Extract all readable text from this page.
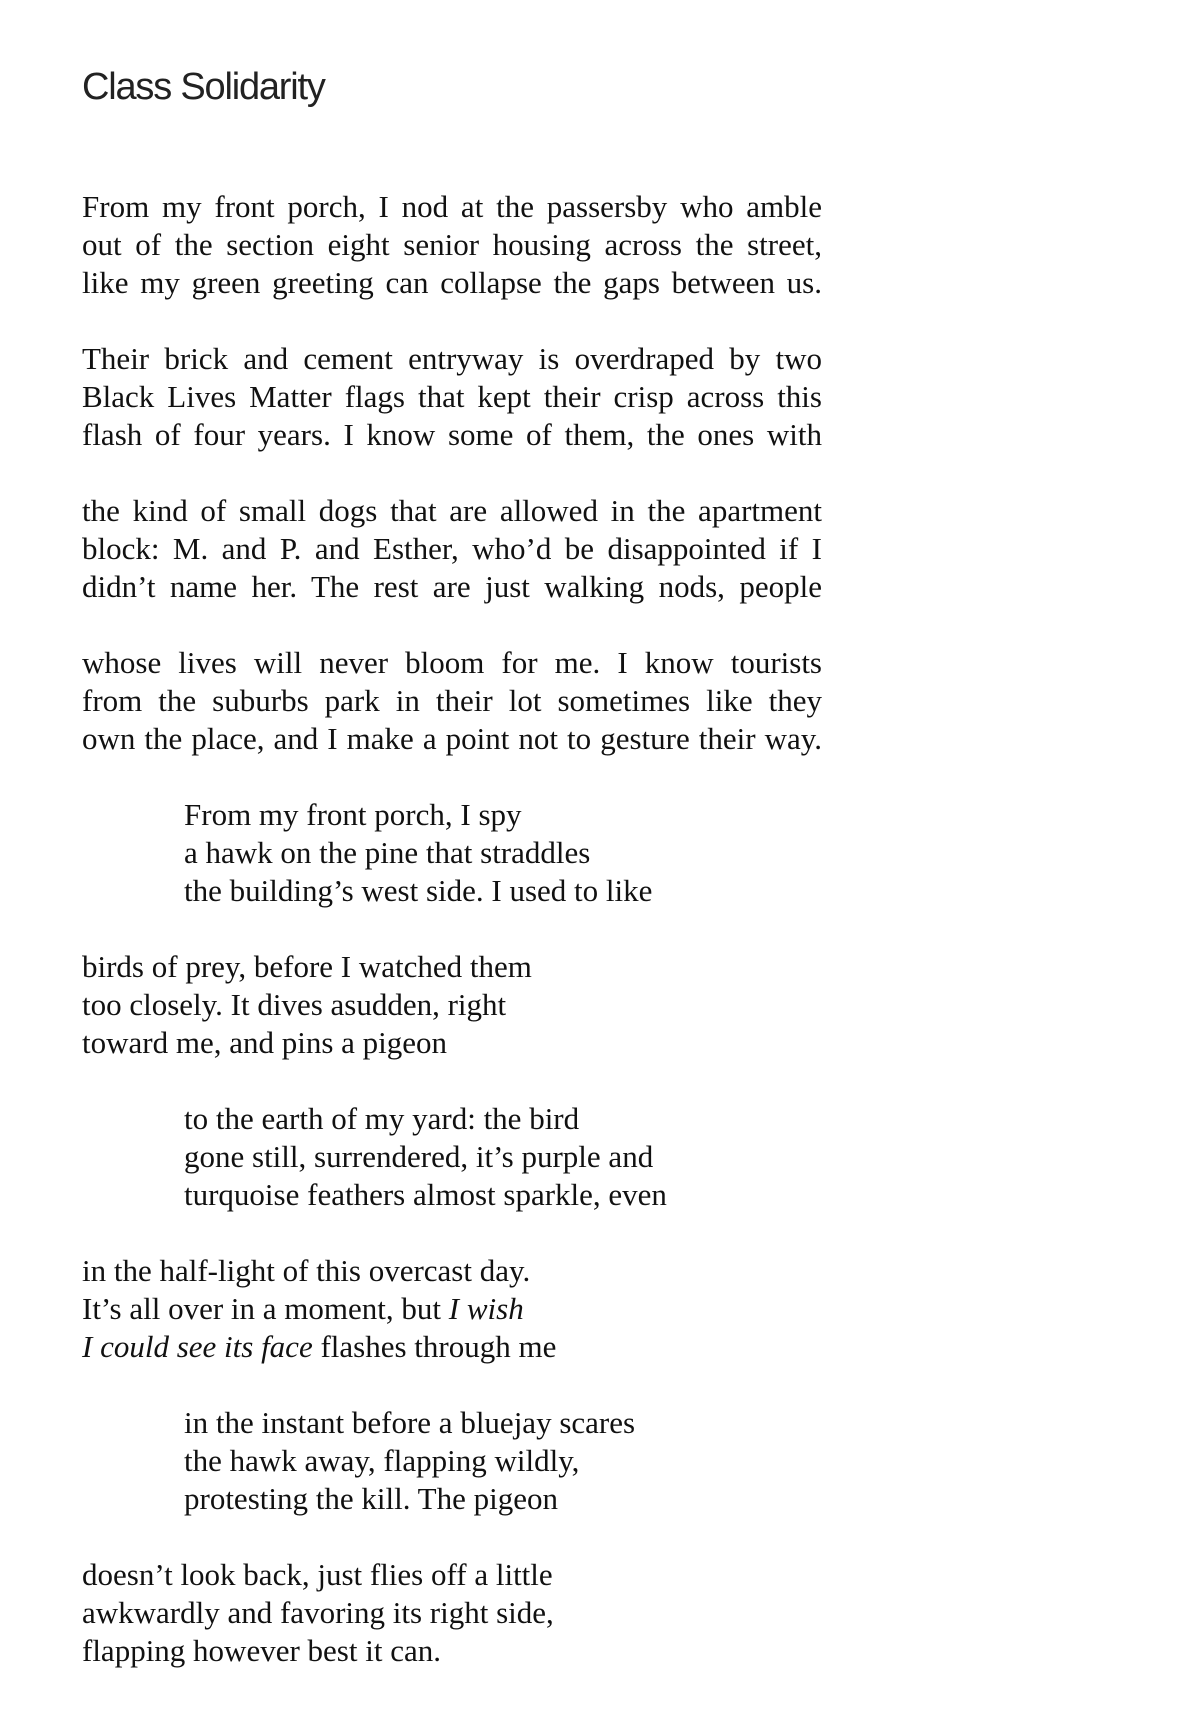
Class Solidarity
From my front porch, I nod at the passersby who amble
out of the section eight senior housing across the street,
like my green greeting can collapse the gaps between us.
Their brick and cement entryway is overdraped by two
Black Lives Matter flags that kept their crisp across this
flash of four years. I know some of them, the ones with
the kind of small dogs that are allowed in the apartment
block: M. and P. and Esther, who’d be disappointed if I
didn’t name her. The rest are just walking nods, people
whose lives will never bloom for me. I know tourists
from the suburbs park in their lot sometimes like they
own the place, and I make a point not to gesture their way.
From my front porch, I spy
a hawk on the pine that straddles
the building’s west side. I used to like
birds of prey, before I watched them
too closely. It dives asudden, right
toward me, and pins a pigeon
to the earth of my yard: the bird
gone still, surrendered, it’s purple and
turquoise feathers almost sparkle, even
in the half-light of this overcast day.
It’s all over in a moment, but I wish
I could see its face flashes through me
in the instant before a bluejay scares
the hawk away, flapping wildly,
protesting the kill. The pigeon
doesn’t look back, just flies off a little
awkwardly and favoring its right side,
flapping however best it can.
